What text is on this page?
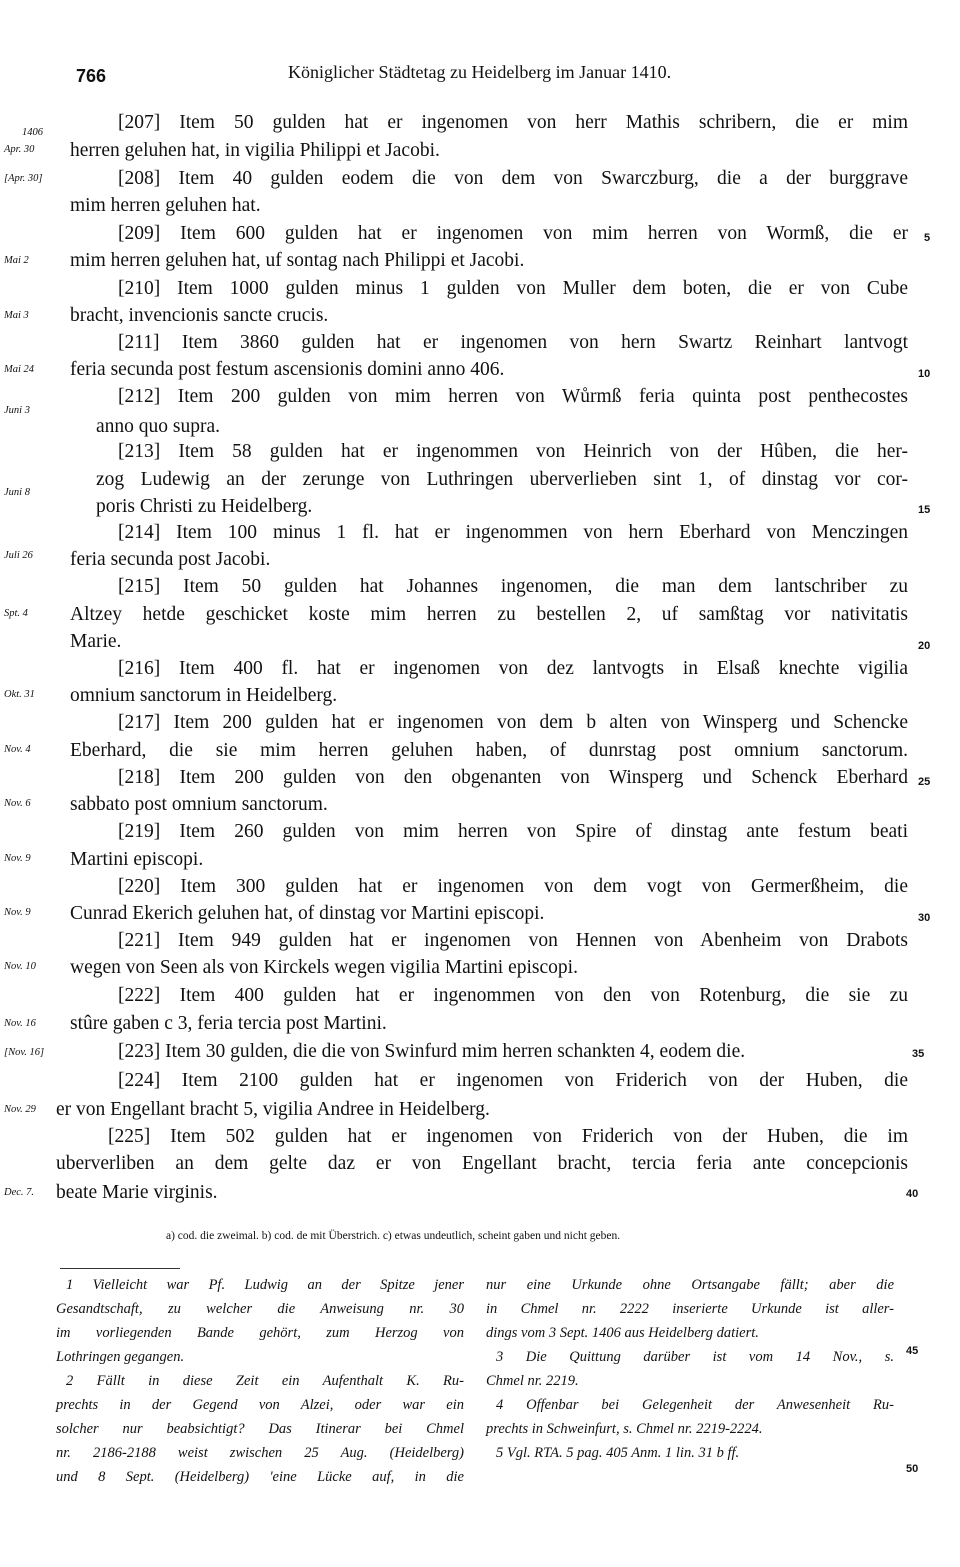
766	Königlicher Städtetag zu Heidelberg im Januar 1410.
1406
Apr. 30
[Apr. 30]
Mai 2
Mai 3
Mai 24
Juni 3
Juni 8
Juli 26
Spt. 4
Okt. 31
Nov. 4
Nov. 6
Nov. 9
Nov. 9
Nov. 10
Nov. 16
[Nov. 16]
Nov. 29
Dec. 7.
[207] Item 50 gulden hat er ingenomen von herr Mathis schribern, die er mim
herren geluhen hat, in vigilia Philippi et Jacobi.
[208] Item 40 gulden eodem die von dem von Swarczburg, die a der burggrave
mim herren geluhen hat.
[209] Item 600 gulden hat er ingenomen von mim herren von Wormß, die er
mim herren geluhen hat, uf sontag nach Philippi et Jacobi.
[210] Item 1000 gulden minus 1 gulden von Muller dem boten, die er von Cube
bracht, invencionis sancte crucis.
[211] Item 3860 gulden hat er ingenomen von hern Swartz Reinhart lantvogt
feria secunda post festum ascensionis domini anno 406.
[212] Item 200 gulden von mim herren von Wůrmß feria quinta post penthecostes
anno quo supra.
[213] Item 58 gulden hat er ingenommen von Heinrich von der Hûben, die her-
zog Ludewig an der zerunge von Luthringen uberverlieben sint 1, of dinstag vor cor-
poris Christi zu Heidelberg.
[214] Item 100 minus 1 fl. hat er ingenommen von hern Eberhard von Menczingen
feria secunda post Jacobi.
[215] Item 50 gulden hat Johannes ingenomen, die man dem lantschriber zu
Altzey hetde geschicket koste mim herren zu bestellen 2, uf samßtag vor nativitatis
Marie.
[216] Item 400 fl. hat er ingenomen von dez lantvogts in Elsaß knechte vigilia
omnium sanctorum in Heidelberg.
[217] Item 200 gulden hat er ingenomen von dem b alten von Winsperg und Schencke
Eberhard, die sie mim herren geluhen haben, of dunrstag post omnium sanctorum.
[218] Item 200 gulden von den obgenanten von Winsperg und Schenck Eberhard
sabbato post omnium sanctorum.
[219] Item 260 gulden von mim herren von Spire of dinstag ante festum beati
Martini episcopi.
[220] Item 300 gulden hat er ingenomen von dem vogt von Germerßheim, die
Cunrad Ekerich geluhen hat, of dinstag vor Martini episcopi.
[221] Item 949 gulden hat er ingenomen von Hennen von Abenheim von Drabots
wegen von Seen als von Kirckels wegen vigilia Martini episcopi.
[222] Item 400 gulden hat er ingenommen von den von Rotenburg, die sie zu
stûre gaben c 3, feria tercia post Martini.
[223] Item 30 gulden, die die von Swinfurd mim herren schankten 4, eodem die.
[224] Item 2100 gulden hat er ingenomen von Friderich von der Huben, die
er von Engellant bracht 5, vigilia Andree in Heidelberg.
[225] Item 502 gulden hat er ingenomen von Friderich von der Huben, die im
uberverliben an dem gelte daz er von Engellant bracht, tercia feria ante concepcionis
beate Marie virginis.
5
10
15
20
25
30
35
40
45
50
a) cod. die zweimal. b) cod. de mit Überstrich. c) etwas undeutlich, scheint gaben und nicht geben.
1 Vielleicht war Pf. Ludwig an der Spitze jener
Gesandtschaft, zu welcher die Anweisung nr. 30
im vorliegenden Bande gehört, zum Herzog von
Lothringen gegangen.
2 Fällt in diese Zeit ein Aufenthalt K. Ru-
prechts in der Gegend von Alzei, oder war ein
solcher nur beabsichtigt? Das Itinerar bei Chmel
nr. 2186-2188 weist zwischen 25 Aug. (Heidelberg)
und 8 Sept. (Heidelberg) 'eine Lücke auf, in die
nur eine Urkunde ohne Ortsangabe fällt; aber die
in Chmel nr. 2222 inserierte Urkunde ist aller-
dings vom 3 Sept. 1406 aus Heidelberg datiert.
3 Die Quittung darüber ist vom 14 Nov., s.
Chmel nr. 2219.
4 Offenbar bei Gelegenheit der Anwesenheit Ru-
prechts in Schweinfurt, s. Chmel nr. 2219-2224.
5 Vgl. RTA. 5 pag. 405 Anm. 1 lin. 31 b ff.
